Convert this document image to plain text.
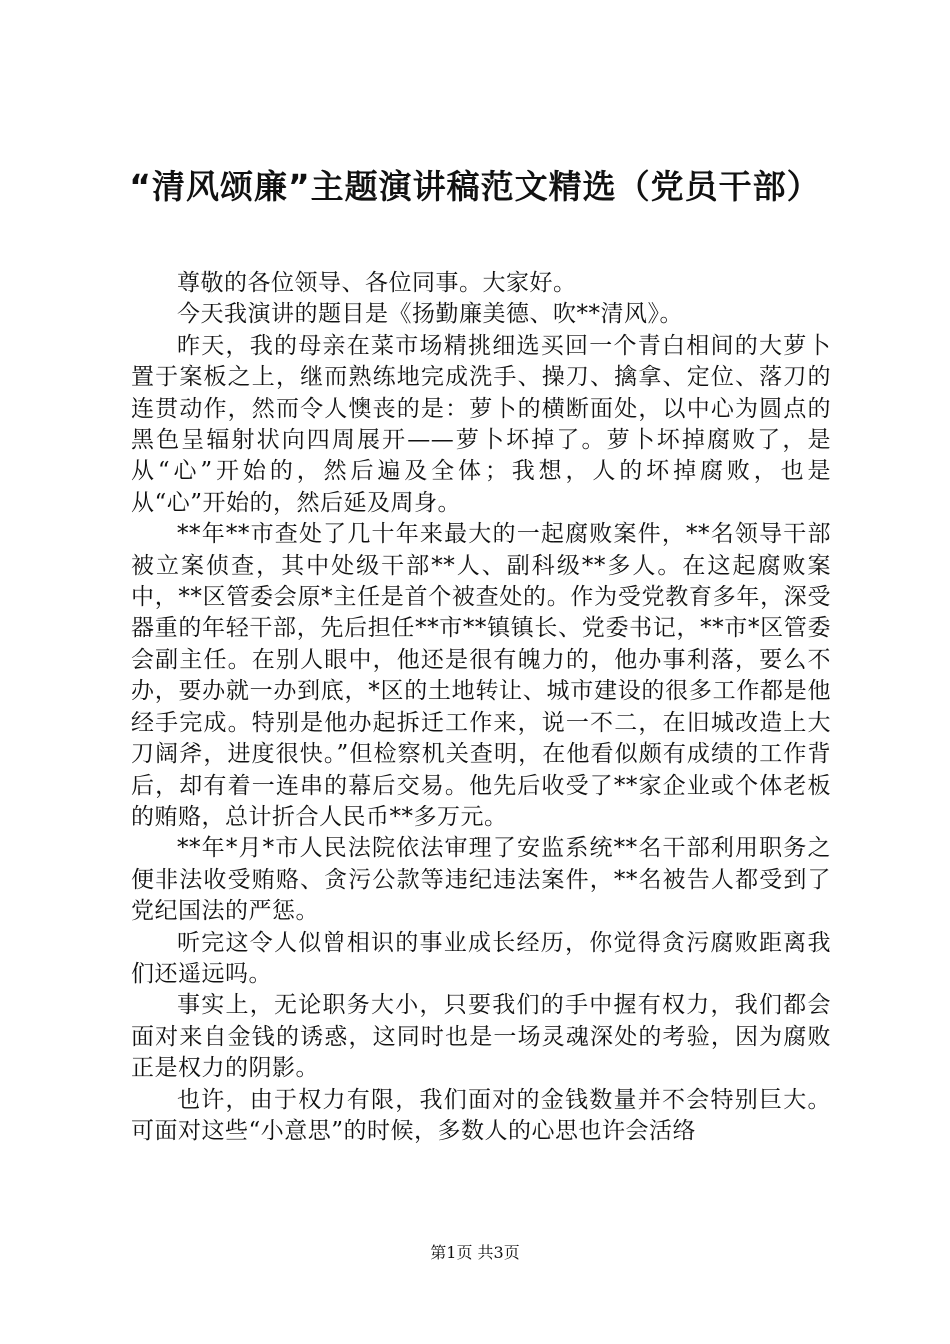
“清风颂廉”主题演讲稿范文精选（党员干部）

尊敬的各位领导、各位同事。大家好。

今天我演讲的题目是《扬勤廉美德、吹**清风》。

昨天，我的母亲在菜市场精挑细选买回一个青白相间的大萝卜置于案板之上，继而熟练地完成洗手、操刀、擒拿、定位、落刀的连贯动作，然而令人懊丧的是：萝卜的横断面处，以中心为圆点的黑色呈辐射状向四周展开——萝卜坏掉了。萝卜坏掉腐败了，是从“心”开始的，然后遍及全体；我想，人的坏掉腐败，也是从“心”开始的，然后延及周身。

**年**市查处了几十年来最大的一起腐败案件，**名领导干部被立案侦查，其中处级干部**人、副科级**多人。在这起腐败案中，**区管委会原*主任是首个被查处的。作为受党教育多年，深受器重的年轻干部，先后担任**市**镇镇长、党委书记，**市*区管委会副主任。在别人眼中，他还是很有魄力的，他办事利落，要么不办，要办就一办到底，*区的土地转让、城市建设的很多工作都是他经手完成。特别是他办起拆迁工作来，说一不二，在旧城改造上大刀阔斧，进度很快。”但检察机关查明，在他看似颇有成绩的工作背后，却有着一连串的幕后交易。他先后收受了**家企业或个体老板的贿赂，总计折合人民币**多万元。

**年*月*市人民法院依法审理了安监系统**名干部利用职务之便非法收受贿赂、贪污公款等违纪违法案件，**名被告人都受到了党纪国法的严惩。

听完这令人似曾相识的事业成长经历，你觉得贪污腐败距离我们还遥远吗。

事实上，无论职务大小，只要我们的手中握有权力，我们都会面对来自金钱的诱惑，这同时也是一场灵魂深处的考验，因为腐败正是权力的阴影。

也许，由于权力有限，我们面对的金钱数量并不会特别巨大。可面对这些“小意思”的时候，多数人的心思也许会活络

第1页 共3页
